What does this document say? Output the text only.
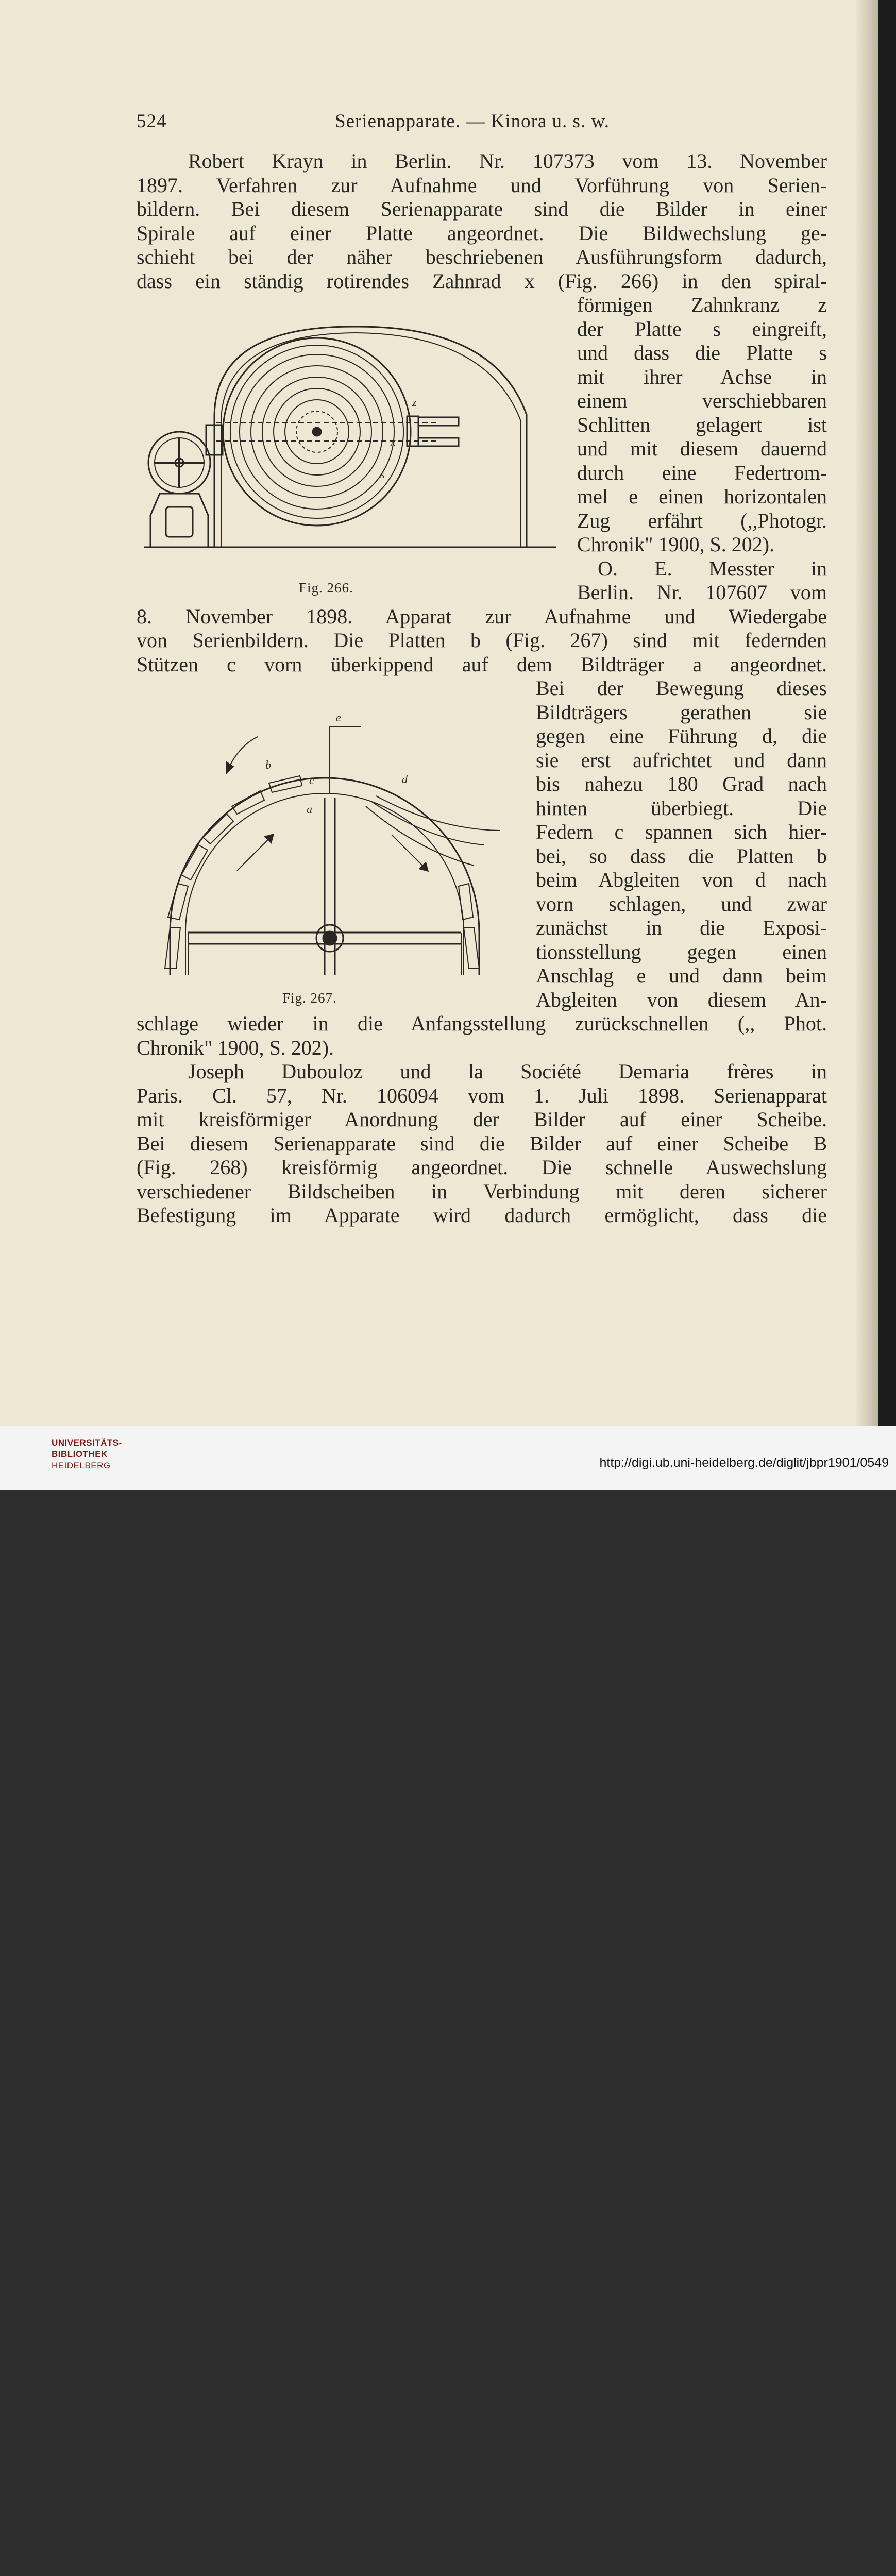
524	Serienapparate. — Kinora u. s. w.
Robert Krayn in Berlin. Nr. 107373 vom 13. November
1897. Verfahren zur Aufnahme und Vorführung von Serien-
bildern. Bei diesem Serienapparate sind die Bilder in einer
Spirale auf einer Platte angeordnet. Die Bildwechslung ge-
schieht bei der näher beschriebenen Ausführungsform dadurch,
dass ein ständig rotirendes Zahnrad x (Fig. 266) in den spiral-
förmigen Zahnkranz z
der Platte s eingreift,
und dass die Platte s
mit ihrer Achse in
einem verschiebbaren
Schlitten gelagert ist
und mit diesem dauernd
durch eine Federtrom-
mel e einen horizontalen
Zug erfährt (,,Photogr.
Chronik" 1900, S. 202).
O. E. Messter in
Berlin. Nr. 107607 vom
8. November 1898. Apparat zur Aufnahme und Wiedergabe
von Serienbildern. Die Platten b (Fig. 267) sind mit federnden
Stützen c vorn überkippend auf dem Bildträger a angeordnet.
Bei der Bewegung dieses
Bildträgers gerathen sie
gegen eine Führung d, die
sie erst aufrichtet und dann
bis nahezu 180 Grad nach
hinten überbiegt. Die
Federn c spannen sich hier-
bei, so dass die Platten b
beim Abgleiten von d nach
vorn schlagen, und zwar
zunächst in die Exposi-
tionsstellung gegen einen
Anschlag e und dann beim
Abgleiten von diesem An-
schlage wieder in die Anfangsstellung zurückschnellen (,, Phot.
Chronik" 1900, S. 202).
Joseph Dubouloz und la Société Demaria frères in
Paris. Cl. 57, Nr. 106094 vom 1. Juli 1898. Serienapparat
mit kreisförmiger Anordnung der Bilder auf einer Scheibe.
Bei diesem Serienapparate sind die Bilder auf einer Scheibe B
(Fig. 268) kreisförmig angeordnet. Die schnelle Auswechslung
verschiedener Bildscheiben in Verbindung mit deren sicherer
Befestigung im Apparate wird dadurch ermöglicht, dass die
z
x
s
Fig. 266.
e
b
c
a
d
Fig. 267.
UNIVERSITÄTS-
BIBLIOTHEK
HEIDELBERG	http://digi.ub.uni-heidelberg.de/diglit/jbpr1901/0549
